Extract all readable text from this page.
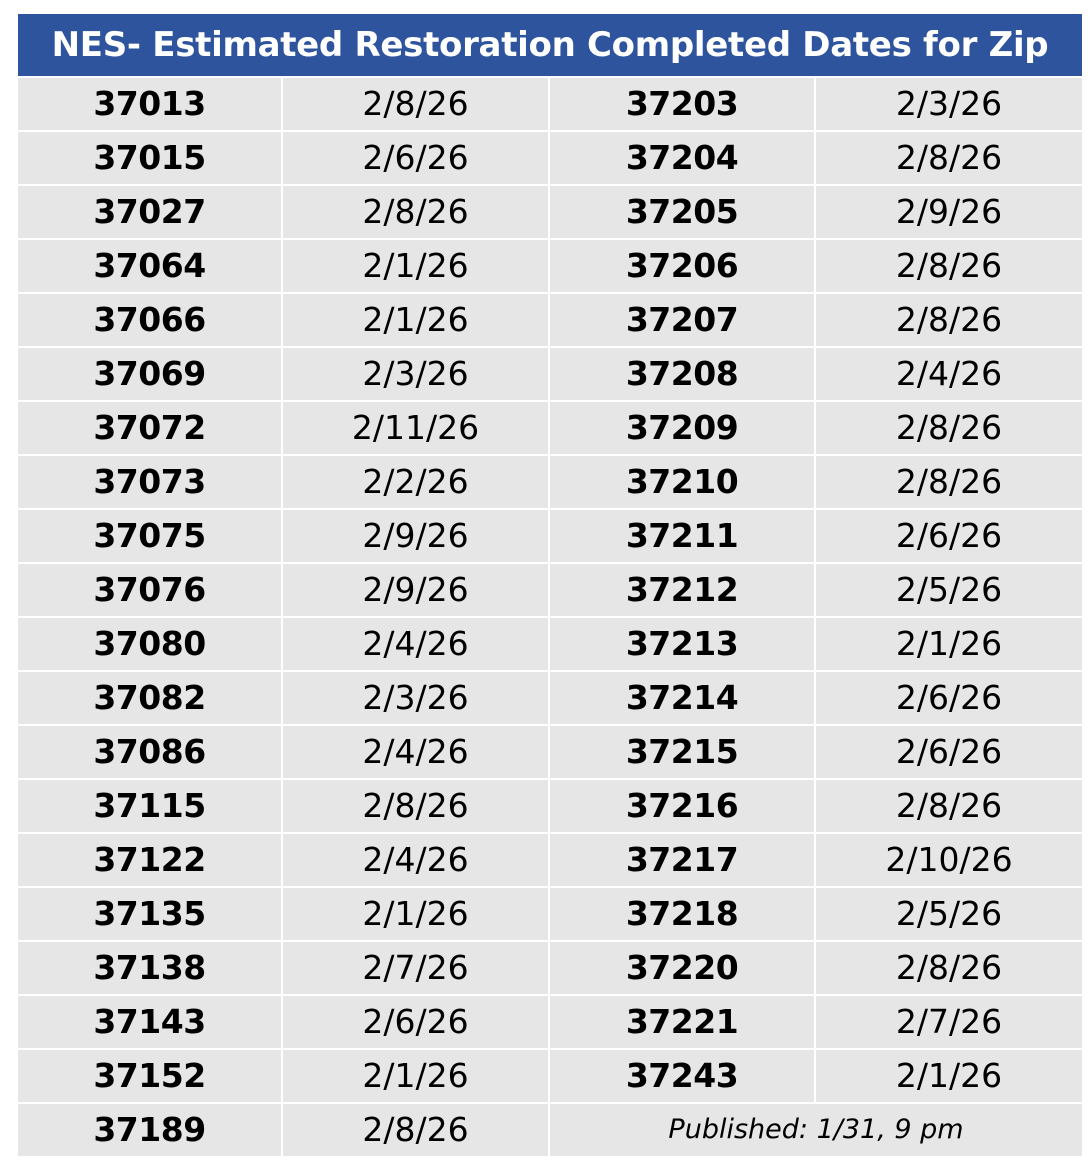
NES- Estimated Restoration Completed Dates for Zip
37013	2/8/26	37203	2/3/26
37015	2/6/26	37204	2/8/26
37027	2/8/26	37205	2/9/26
37064	2/1/26	37206	2/8/26
37066	2/1/26	37207	2/8/26
37069	2/3/26	37208	2/4/26
37072	2/11/26	37209	2/8/26
37073	2/2/26	37210	2/8/26
37075	2/9/26	37211	2/6/26
37076	2/9/26	37212	2/5/26
37080	2/4/26	37213	2/1/26
37082	2/3/26	37214	2/6/26
37086	2/4/26	37215	2/6/26
37115	2/8/26	37216	2/8/26
37122	2/4/26	37217	2/10/26
37135	2/1/26	37218	2/5/26
37138	2/7/26	37220	2/8/26
37143	2/6/26	37221	2/7/26
37152	2/1/26	37243	2/1/26
37189	2/8/26	Published: 1/31, 9 pm	
